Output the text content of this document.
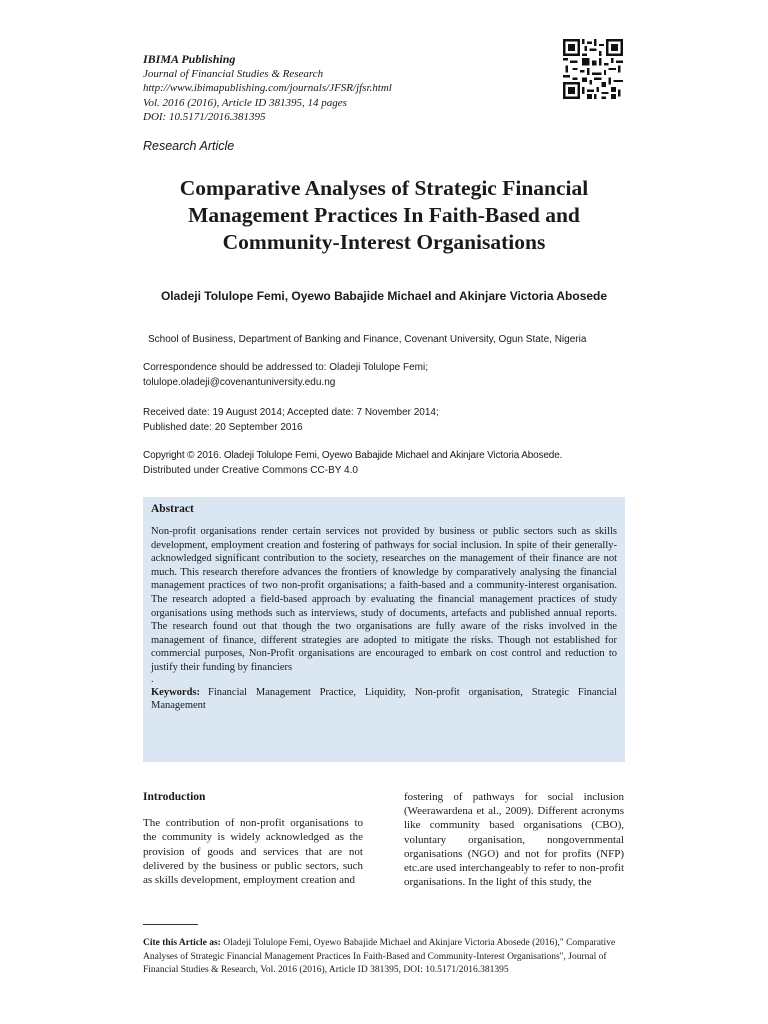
IBIMA Publishing
Journal of Financial Studies & Research
http://www.ibimapublishing.com/journals/JFSR/jfsr.html
Vol. 2016 (2016), Article ID 381395, 14 pages
DOI: 10.5171/2016.381395
Research Article
Comparative Analyses of Strategic Financial
Management Practices In Faith-Based and
Community-Interest Organisations
Oladeji Tolulope Femi, Oyewo Babajide Michael and Akinjare Victoria Abosede
School of Business, Department of Banking and Finance, Covenant University, Ogun State, Nigeria
Correspondence should be addressed to: Oladeji Tolulope Femi;
tolulope.oladeji@covenantuniversity.edu.ng
Received date: 19 August 2014; Accepted date: 7 November 2014;
Published date: 20 September 2016
Copyright © 2016. Oladeji Tolulope Femi, Oyewo Babajide Michael and Akinjare Victoria Abosede.
Distributed under Creative Commons CC-BY 4.0
Abstract
Non-profit organisations render certain services not provided by business or public sectors such as skills development, employment creation and fostering of pathways for social inclusion. In spite of their generally-acknowledged significant contribution to the society, researches on the management of their finance are not much. This research therefore advances the frontiers of knowledge by comparatively analysing the financial management practices of two non-profit organisations; a faith-based and a community-interest organisation. The research adopted a field-based approach by evaluating the financial management practices of study organisations using methods such as interviews, study of documents, artefacts and published annual reports. The research found out that though the two organisations are fully aware of the risks involved in the management of finance, different strategies are adopted to mitigate the risks. Though not established for commercial purposes, Non-Profit organisations are encouraged to embark on cost control and reduction to justify their funding by financiers
.
Keywords: Financial Management Practice, Liquidity, Non-profit organisation, Strategic Financial Management
Introduction
The contribution of non-profit organisations to the community is widely acknowledged as the provision of goods and services that are not delivered by the business or public sectors, such as skills development, employment creation and
fostering of pathways for social inclusion (Weerawardena et al., 2009). Different acronyms like community based organisations (CBO), voluntary organisation, nongovernmental organisations (NGO) and not for profits (NFP) etc.are used interchangeably to refer to non-profit organisations. In the light of this study, the
Cite this Article as: Oladeji Tolulope Femi, Oyewo Babajide Michael and Akinjare Victoria Abosede (2016)," Comparative Analyses of Strategic Financial Management Practices In Faith-Based and Community-Interest Organisations", Journal of Financial Studies & Research, Vol. 2016 (2016), Article ID 381395, DOI: 10.5171/2016.381395
